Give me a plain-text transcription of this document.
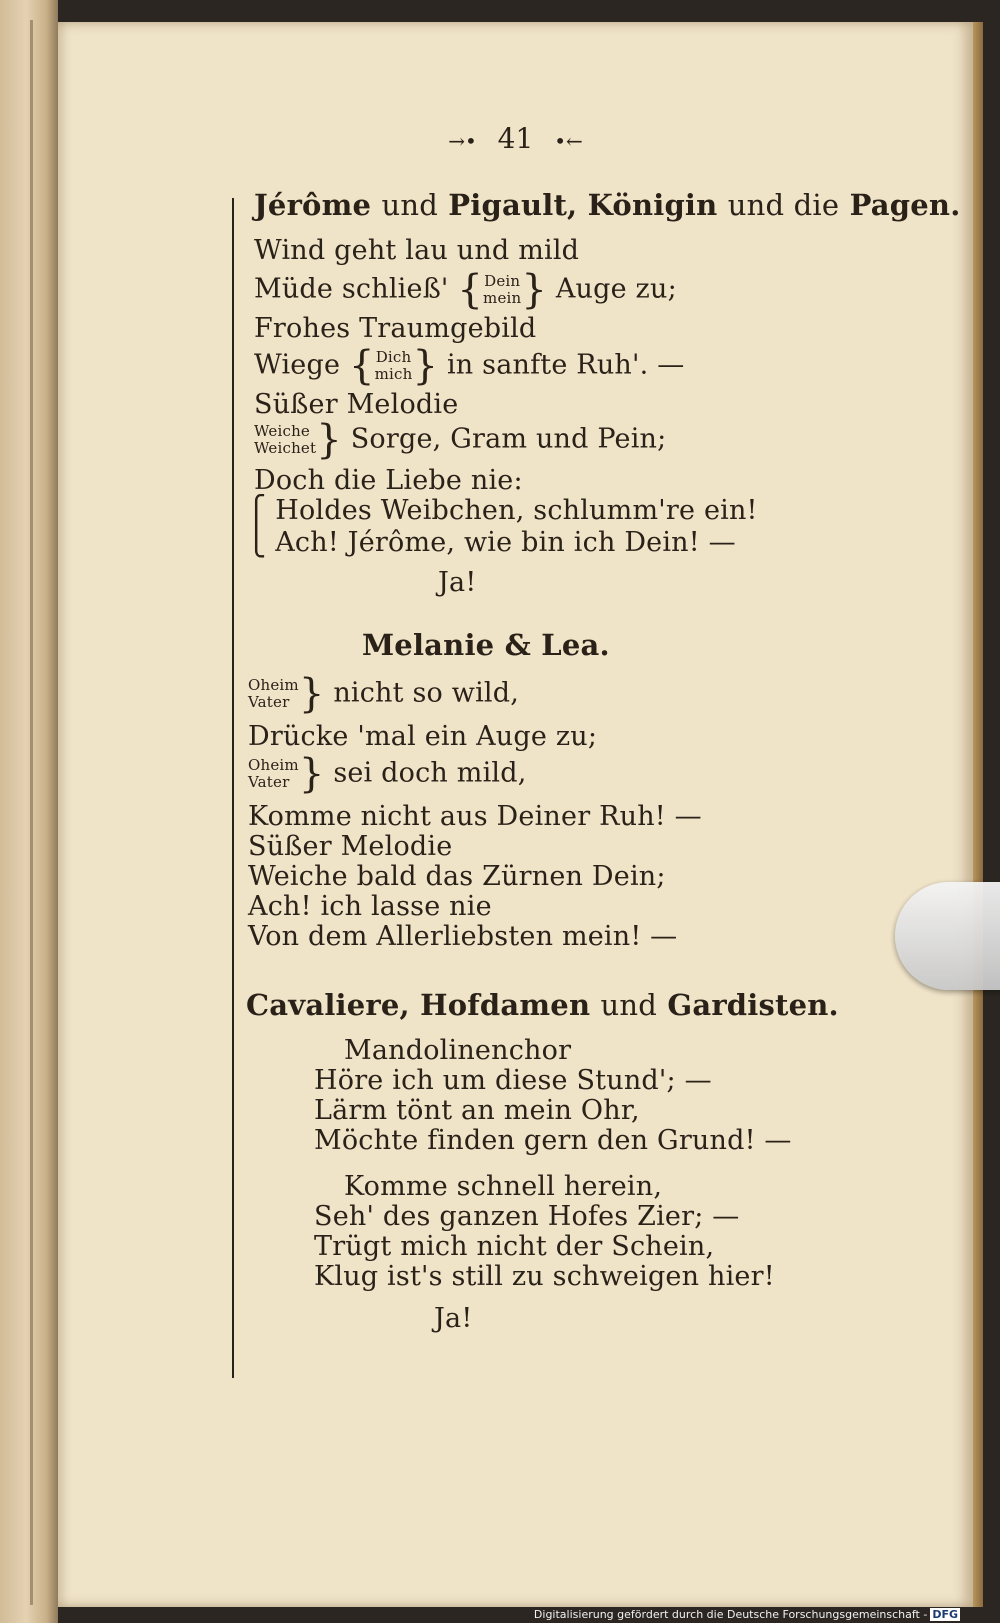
→• 41 •←
Jérôme und Pigault, Königin und die Pagen.
Wind geht lau und mild
Müde schließ' {Dein
mein} Auge zu;
Frohes Traumgebild
Wiege {Dich
mich} in sanfte Ruh'. —
Süßer Melodie
Weiche
Weichet} Sorge, Gram und Pein;
Doch die Liebe nie:
⎧ Holdes Weibchen, schlumm're ein!
⎩ Ach! Jérôme, wie bin ich Dein! —
Ja!
Melanie & Lea.
Oheim
Vater } nicht so wild,
Drücke 'mal ein Auge zu;
Oheim
Vater } sei doch mild,
Komme nicht aus Deiner Ruh! —
Süßer Melodie
Weiche bald das Zürnen Dein;
Ach! ich lasse nie
Von dem Allerliebsten mein! —
Cavaliere, Hofdamen und Gardisten.
Mandolinenchor
Höre ich um diese Stund'; —
Lärm tönt an mein Ohr,
Möchte finden gern den Grund! —
Komme schnell herein,
Seh' des ganzen Hofes Zier; —
Trügt mich nicht der Schein,
Klug ist's still zu schweigen hier!
Ja!
Digitalisierung gefördert durch die Deutsche Forschungsgemeinschaft - DFG
